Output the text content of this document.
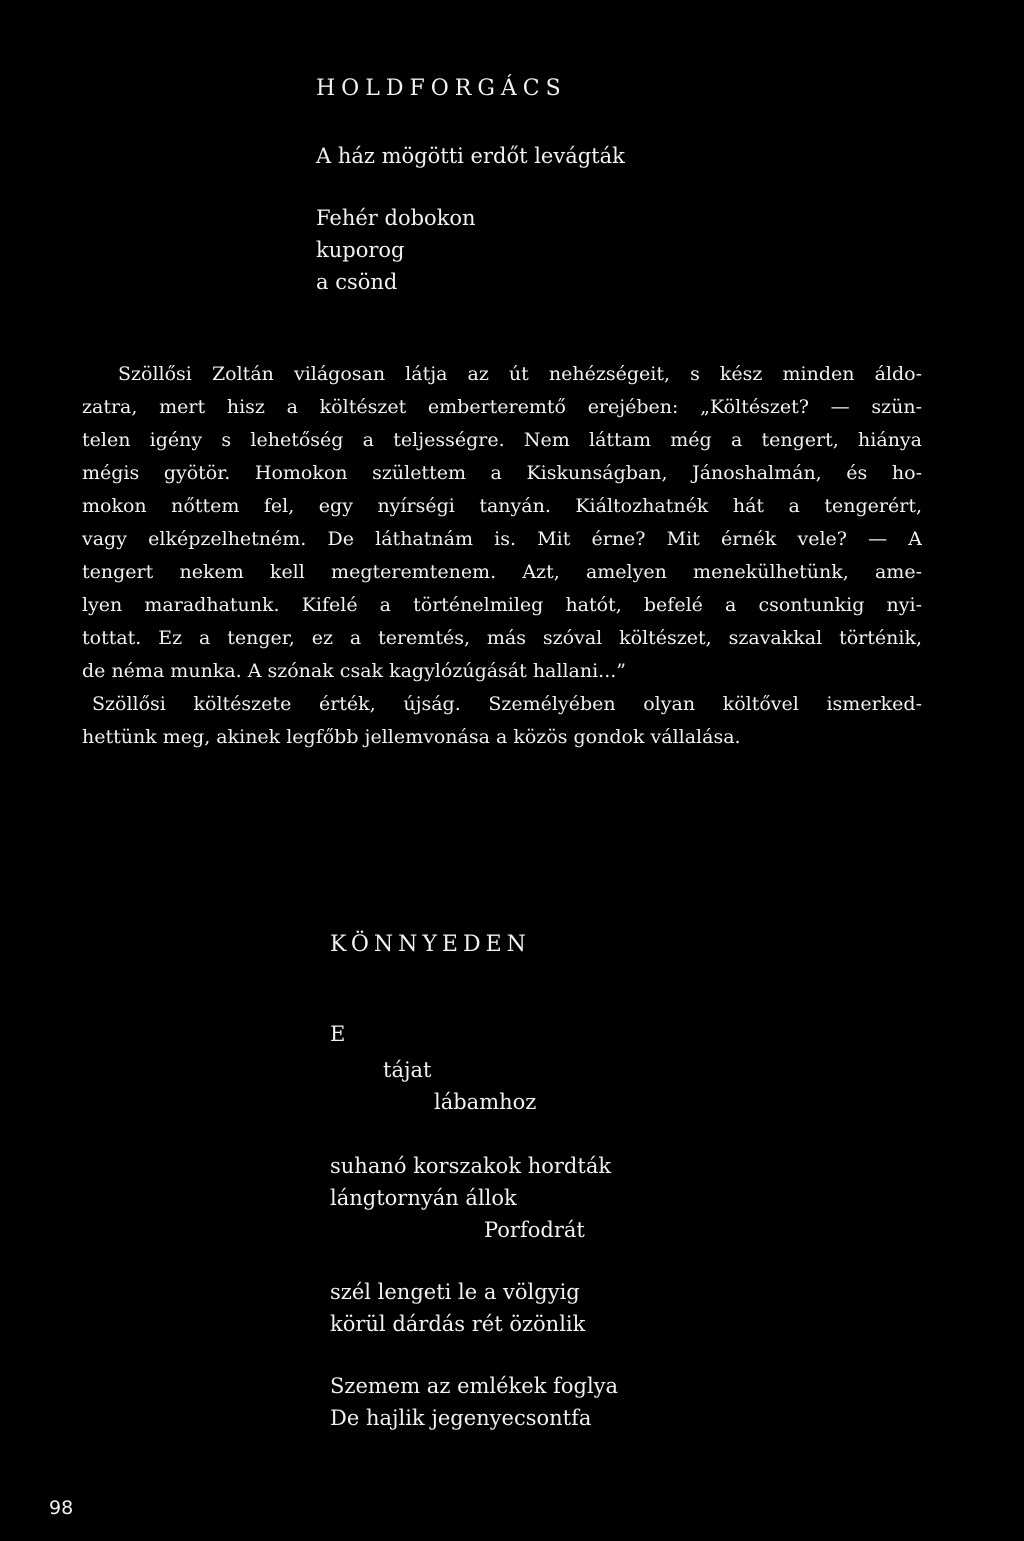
HOLDFORGÁCS
A ház mögötti erdőt levágták
Fehér dobokon
kuporog
a csönd
Szöllősi Zoltán világosan látja az út nehézségeit, s kész minden áldo-
zatra, mert hisz a költészet emberteremtő erejében: „Költészet? — szün-
telen igény s lehetőség a teljességre. Nem láttam még a tengert, hiánya
mégis gyötör. Homokon születtem a Kiskunságban, Jánoshalmán, és ho-
mokon nőttem fel, egy nyírségi tanyán. Kiáltozhatnék hát a tengerért,
vagy elképzelhetném. De láthatnám is. Mit érne? Mit érnék vele? — A
tengert nekem kell megteremtenem. Azt, amelyen menekülhetünk, ame-
lyen maradhatunk. Kifelé a történelmileg hatót, befelé a csontunkig nyi-
tottat. Ez a tenger, ez a teremtés, más szóval költészet, szavakkal történik,
de néma munka. A szónak csak kagylózúgását hallani...”
Szöllősi költészete érték, újság. Személyében olyan költővel ismerked-
hettünk meg, akinek legfőbb jellemvonása a közös gondok vállalása.
KÖNNYEDEN
E
tájat
lábamhoz
suhanó korszakok hordták
lángtornyán állok
Porfodrát
szél lengeti le a völgyig
körül dárdás rét özönlik
Szemem az emlékek foglya
De hajlik jegenyecsontfa
98
